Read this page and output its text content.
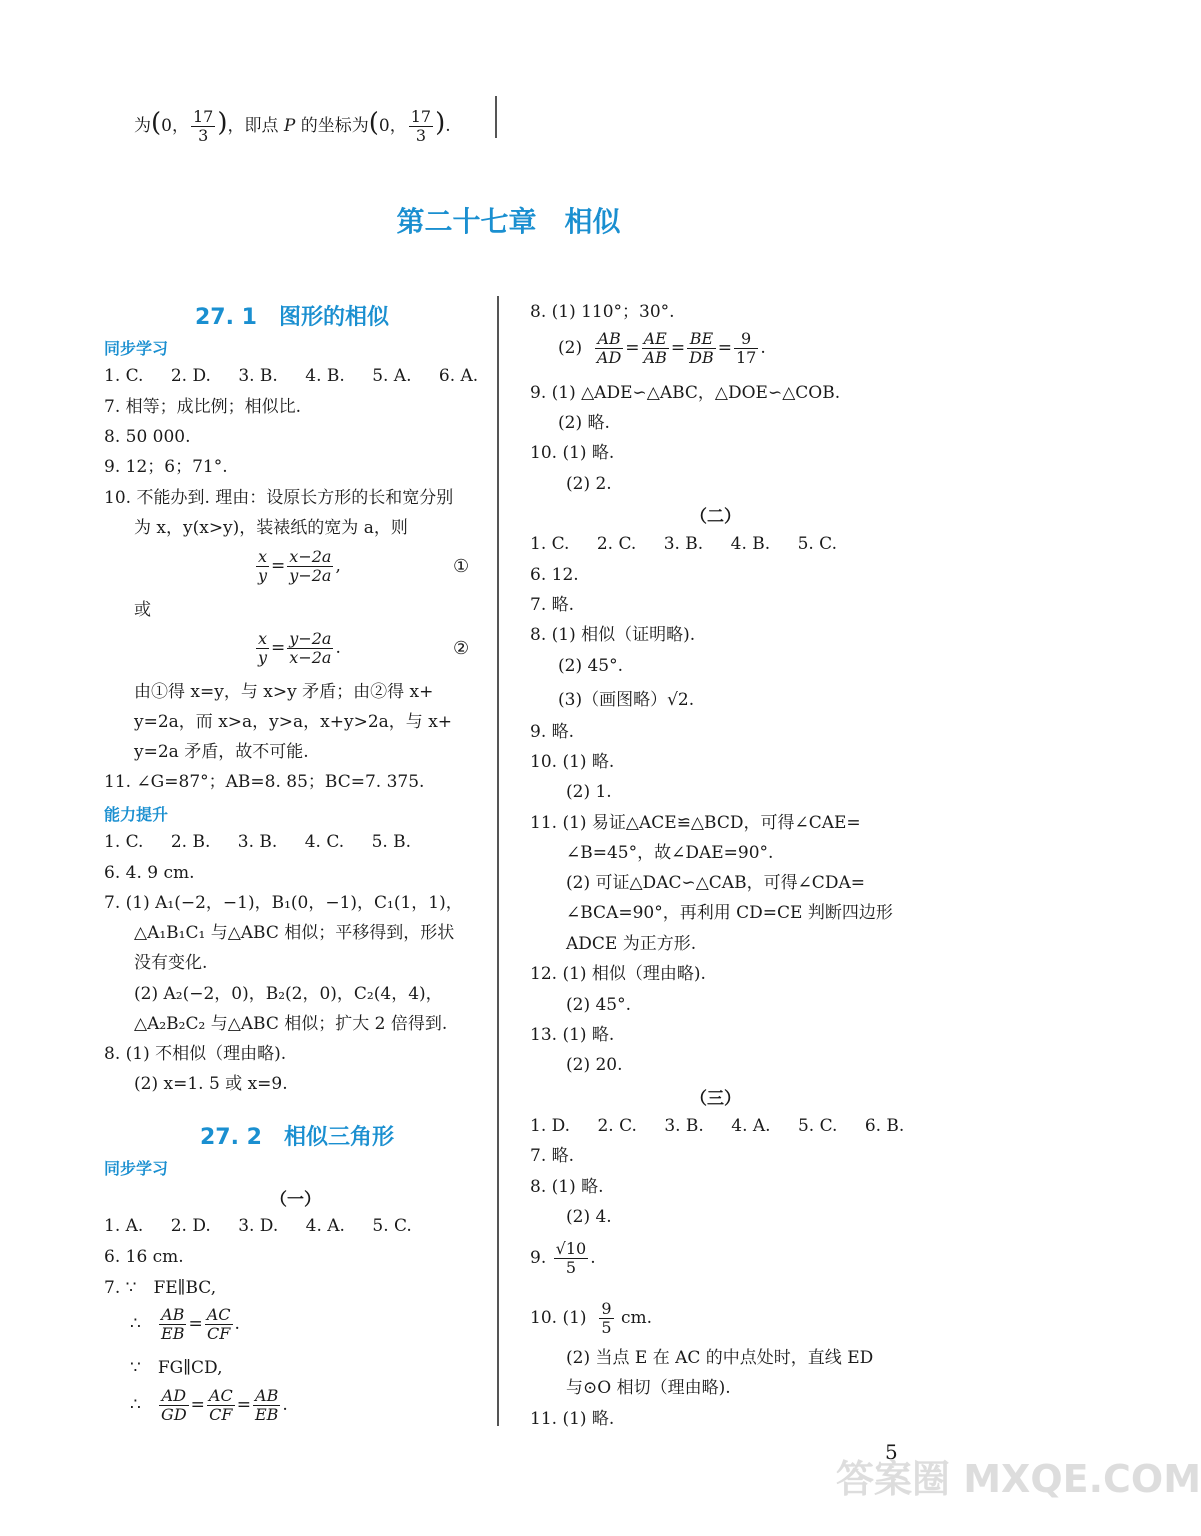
为(0， $\frac{17}{3}$ )，即点 P 的坐标为(0， $\frac{17}{3}$ ).
第二十七章　相似
27. 1　图形的相似
同步学习
1. C. 2. D. 3. B. 4. B. 5. A. 6. A.
7. 相等；成比例；相似比.
8. 50 000.
9. 12；6；71°.
10. 不能办到. 理由：设原长方形的长和宽分别
为 x，y(x>y)，装裱纸的宽为 a，则
$\frac{x}{y} = \frac{x-2a}{y-2a}$ ,	①
或
$\frac{x}{y} = \frac{y-2a}{x-2a}$ .	②
由①得 x=y，与 x>y 矛盾；由②得 x+
y=2a，而 x>a，y>a，x+y>2a，与 x+
y=2a 矛盾，故不可能.
11. ∠G=87°；AB=8. 85；BC=7. 375.
能力提升
1. C. 2. B. 3. B. 4. C. 5. B.
6. 4. 9 cm.
7. (1) A₁(−2，−1)，B₁(0，−1)，C₁(1，1)，
△A₁B₁C₁ 与△ABC 相似；平移得到，形状
没有变化.
(2) A₂(−2，0)，B₂(2，0)，C₂(4，4)，
△A₂B₂C₂ 与△ABC 相似；扩大 2 倍得到.
8. (1) 不相似（理由略).
(2) x=1. 5 或 x=9.
27. 2　相似三角形
同步学习
（一）
1. A. 2. D. 3. D. 4. A. 5. C.
6. 16 cm.
7. ∵　FE∥BC,
∴ $\frac{AB}{EB} = \frac{AC}{CF}$ .
∵　FG∥CD,
∴ $\frac{AD}{GD} = \frac{AC}{CF} = \frac{AB}{EB}$ .
8. (1) 110°；30°.
$(2) \frac{AB}{AD} = \frac{AE}{AB} = \frac{BE}{DB} = \frac{9}{17}$ .
9. (1) △ADE∽△ABC，△DOE∽△COB.
(2) 略.
10. (1) 略.
(2) 2.
（二）
1. C. 2. C. 3. B. 4. B. 5. C.
6. 12.
7. 略.
8. (1) 相似（证明略).
(2) 45°.
(3)（画图略）√2.
9. 略.
10. (1) 略.
(2) 1.
11. (1) 易证△ACE≌△BCD，可得∠CAE=
∠B=45°，故∠DAE=90°.
(2) 可证△DAC∽△CAB，可得∠CDA=
∠BCA=90°，再利用 CD=CE 判断四边形
ADCE 为正方形.
12. (1) 相似（理由略).
(2) 45°.
13. (1) 略.
(2) 20.
（三）
1. D. 2. C. 3. B. 4. A. 5. C. 6. B.
7. 略.
8. (1) 略.
(2) 4.
9. $\frac{√10}{5}$ .
10. $(1) \frac{9}{5}$ cm.
(2) 当点 E 在 AC 的中点处时，直线 ED
与⊙O 相切（理由略).
11. (1) 略.
5
答案圈 MXQE.COM
